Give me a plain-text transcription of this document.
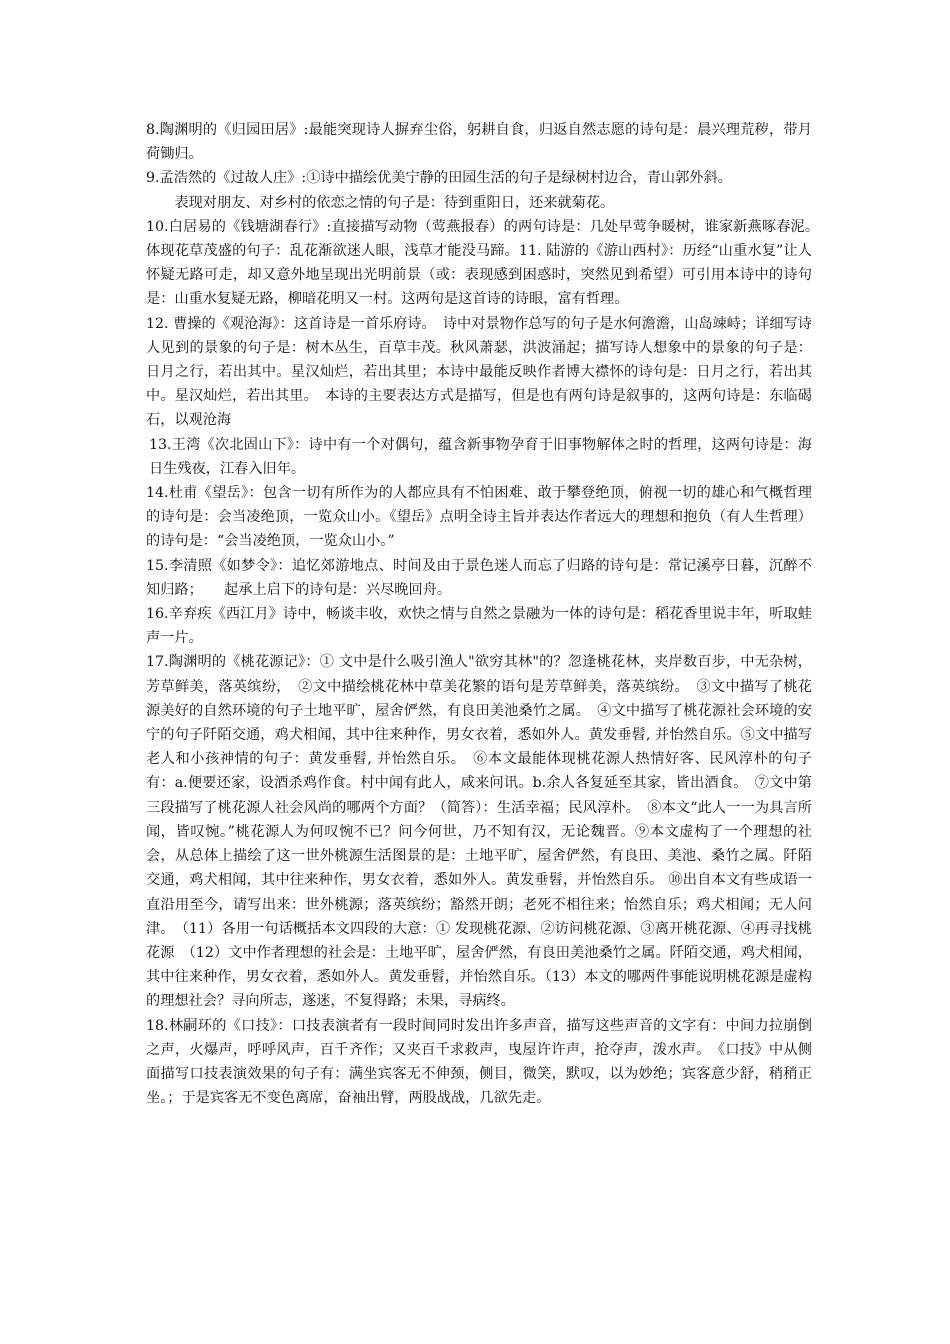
8.陶渊明的《归园田居》:最能突现诗人摒弃尘俗，躬耕自食，归返自然志愿的诗句是：晨兴理荒秽，带月荷锄归。

9.孟浩然的《过故人庄》:①诗中描绘优美宁静的田园生活的句子是绿树村边合，青山郭外斜。

表现对朋友、对乡村的依恋之情的句子是：待到重阳日，还来就菊花。

10.白居易的《钱塘湖春行》:直接描写动物（莺燕报春）的两句诗是：几处早莺争暖树，谁家新燕啄春泥。　体现花草茂盛的句子：乱花渐欲迷人眼，浅草才能没马蹄。11. 陆游的《游山西村》：历经“山重水复”让人怀疑无路可走，却又意外地呈现出光明前景（或：表现感到困惑时，突然见到希望）可引用本诗中的诗句是：山重水复疑无路，柳暗花明又一村。这两句是这首诗的诗眼，富有哲理。

12. 曹操的《观沧海》：这首诗是一首乐府诗。　诗中对景物作总写的句子是水何澹澹，山岛竦峙；详细写诗人见到的景象的句子是：树木丛生，百草丰茂。秋风萧瑟，洪波涌起；描写诗人想象中的景象的句子是：日月之行，若出其中。星汉灿烂，若出其里；本诗中最能反映作者博大襟怀的诗句是：日月之行，若出其中。星汉灿烂，若出其里。　本诗的主要表达方式是描写，但是也有两句诗是叙事的，这两句诗是：东临碣石，以观沧海

13.王湾《次北固山下》：诗中有一个对偶句，蕴含新事物孕育于旧事物解体之时的哲理，这两句诗是：海日生残夜，江春入旧年。

14.杜甫《望岳》：包含一切有所作为的人都应具有不怕困难、敢于攀登绝顶，俯视一切的雄心和气概哲理的诗句是：会当凌绝顶，一览众山小。《望岳》点明全诗主旨并表达作者远大的理想和抱负（有人生哲理）的诗句是：“会当凌绝顶，一览众山小。”

15.李清照《如梦令》：追忆郊游地点、时间及由于景色迷人而忘了归路的诗句是：常记溪亭日暮，沉醉不知归路；　　起承上启下的诗句是：兴尽晚回舟。

16.辛弃疾《西江月》诗中，畅谈丰收，欢快之情与自然之景融为一体的诗句是：稻花香里说丰年，听取蛙声一片。

17.陶渊明的《桃花源记》：① 文中是什么吸引渔人"欲穷其林"的？忽逢桃花林，夹岸数百步，中无杂树，芳草鲜美，落英缤纷，　②文中描绘桃花林中草美花繁的语句是芳草鲜美，落英缤纷。　③文中描写了桃花源美好的自然环境的句子土地平旷，屋舍俨然，有良田美池桑竹之属。　④文中描写了桃花源社会环境的安宁的句子阡陌交通，鸡犬相闻，其中往来种作，男女衣着，悉如外人。黄发垂髫, 并怡然自乐。⑤文中描写老人和小孩神情的句子：黄发垂髫, 并怡然自乐。　⑥本文最能体现桃花源人热情好客、民风淳朴的句子有：a.便要还家，设酒杀鸡作食。村中闻有此人，咸来问讯。b.余人各复延至其家，皆出酒食。　⑦文中第三段描写了桃花源人社会风尚的哪两个方面？（简答）：生活幸福；民风淳朴。　⑧本文“此人一一为具言所闻，皆叹惋。”桃花源人为何叹惋不已？问今何世，乃不知有汉，无论魏晋。⑨本文虚构了一个理想的社会，从总体上描绘了这一世外桃源生活图景的是：土地平旷，屋舍俨然，有良田、美池、桑竹之属。阡陌交通，鸡犬相闻，其中往来种作，男女衣着，悉如外人。黄发垂髫，并怡然自乐。 ⑩出自本文有些成语一直沿用至今，请写出来：世外桃源；落英缤纷；豁然开朗；老死不相往来；怡然自乐；鸡犬相闻；无人问津。　（11）各用一句话概括本文四段的大意：① 发现桃花源、②访问桃花源、③离开桃花源、④再寻找桃花源　（12）文中作者理想的社会是：土地平旷，屋舍俨然，有良田美池桑竹之属。阡陌交通，鸡犬相闻，其中往来种作，男女衣着，悉如外人。黄发垂髫，并怡然自乐。（13）本文的哪两件事能说明桃花源是虚构的理想社会？寻向所志，遂迷，不复得路；未果，寻病终。

18.林嗣环的《口技》：口技表演者有一段时间同时发出许多声音，描写这些声音的文字有：中间力拉崩倒之声，火爆声，呼呼风声，百千齐作；又夹百千求救声，曳屋许许声，抢夺声，泼水声。　《口技》中从侧面描写口技表演效果的句子有：满坐宾客无不伸颈，侧目，微笑，默叹，以为妙绝；宾客意少舒，稍稍正坐。；于是宾客无不变色离席，奋袖出臂，两股战战，几欲先走。
